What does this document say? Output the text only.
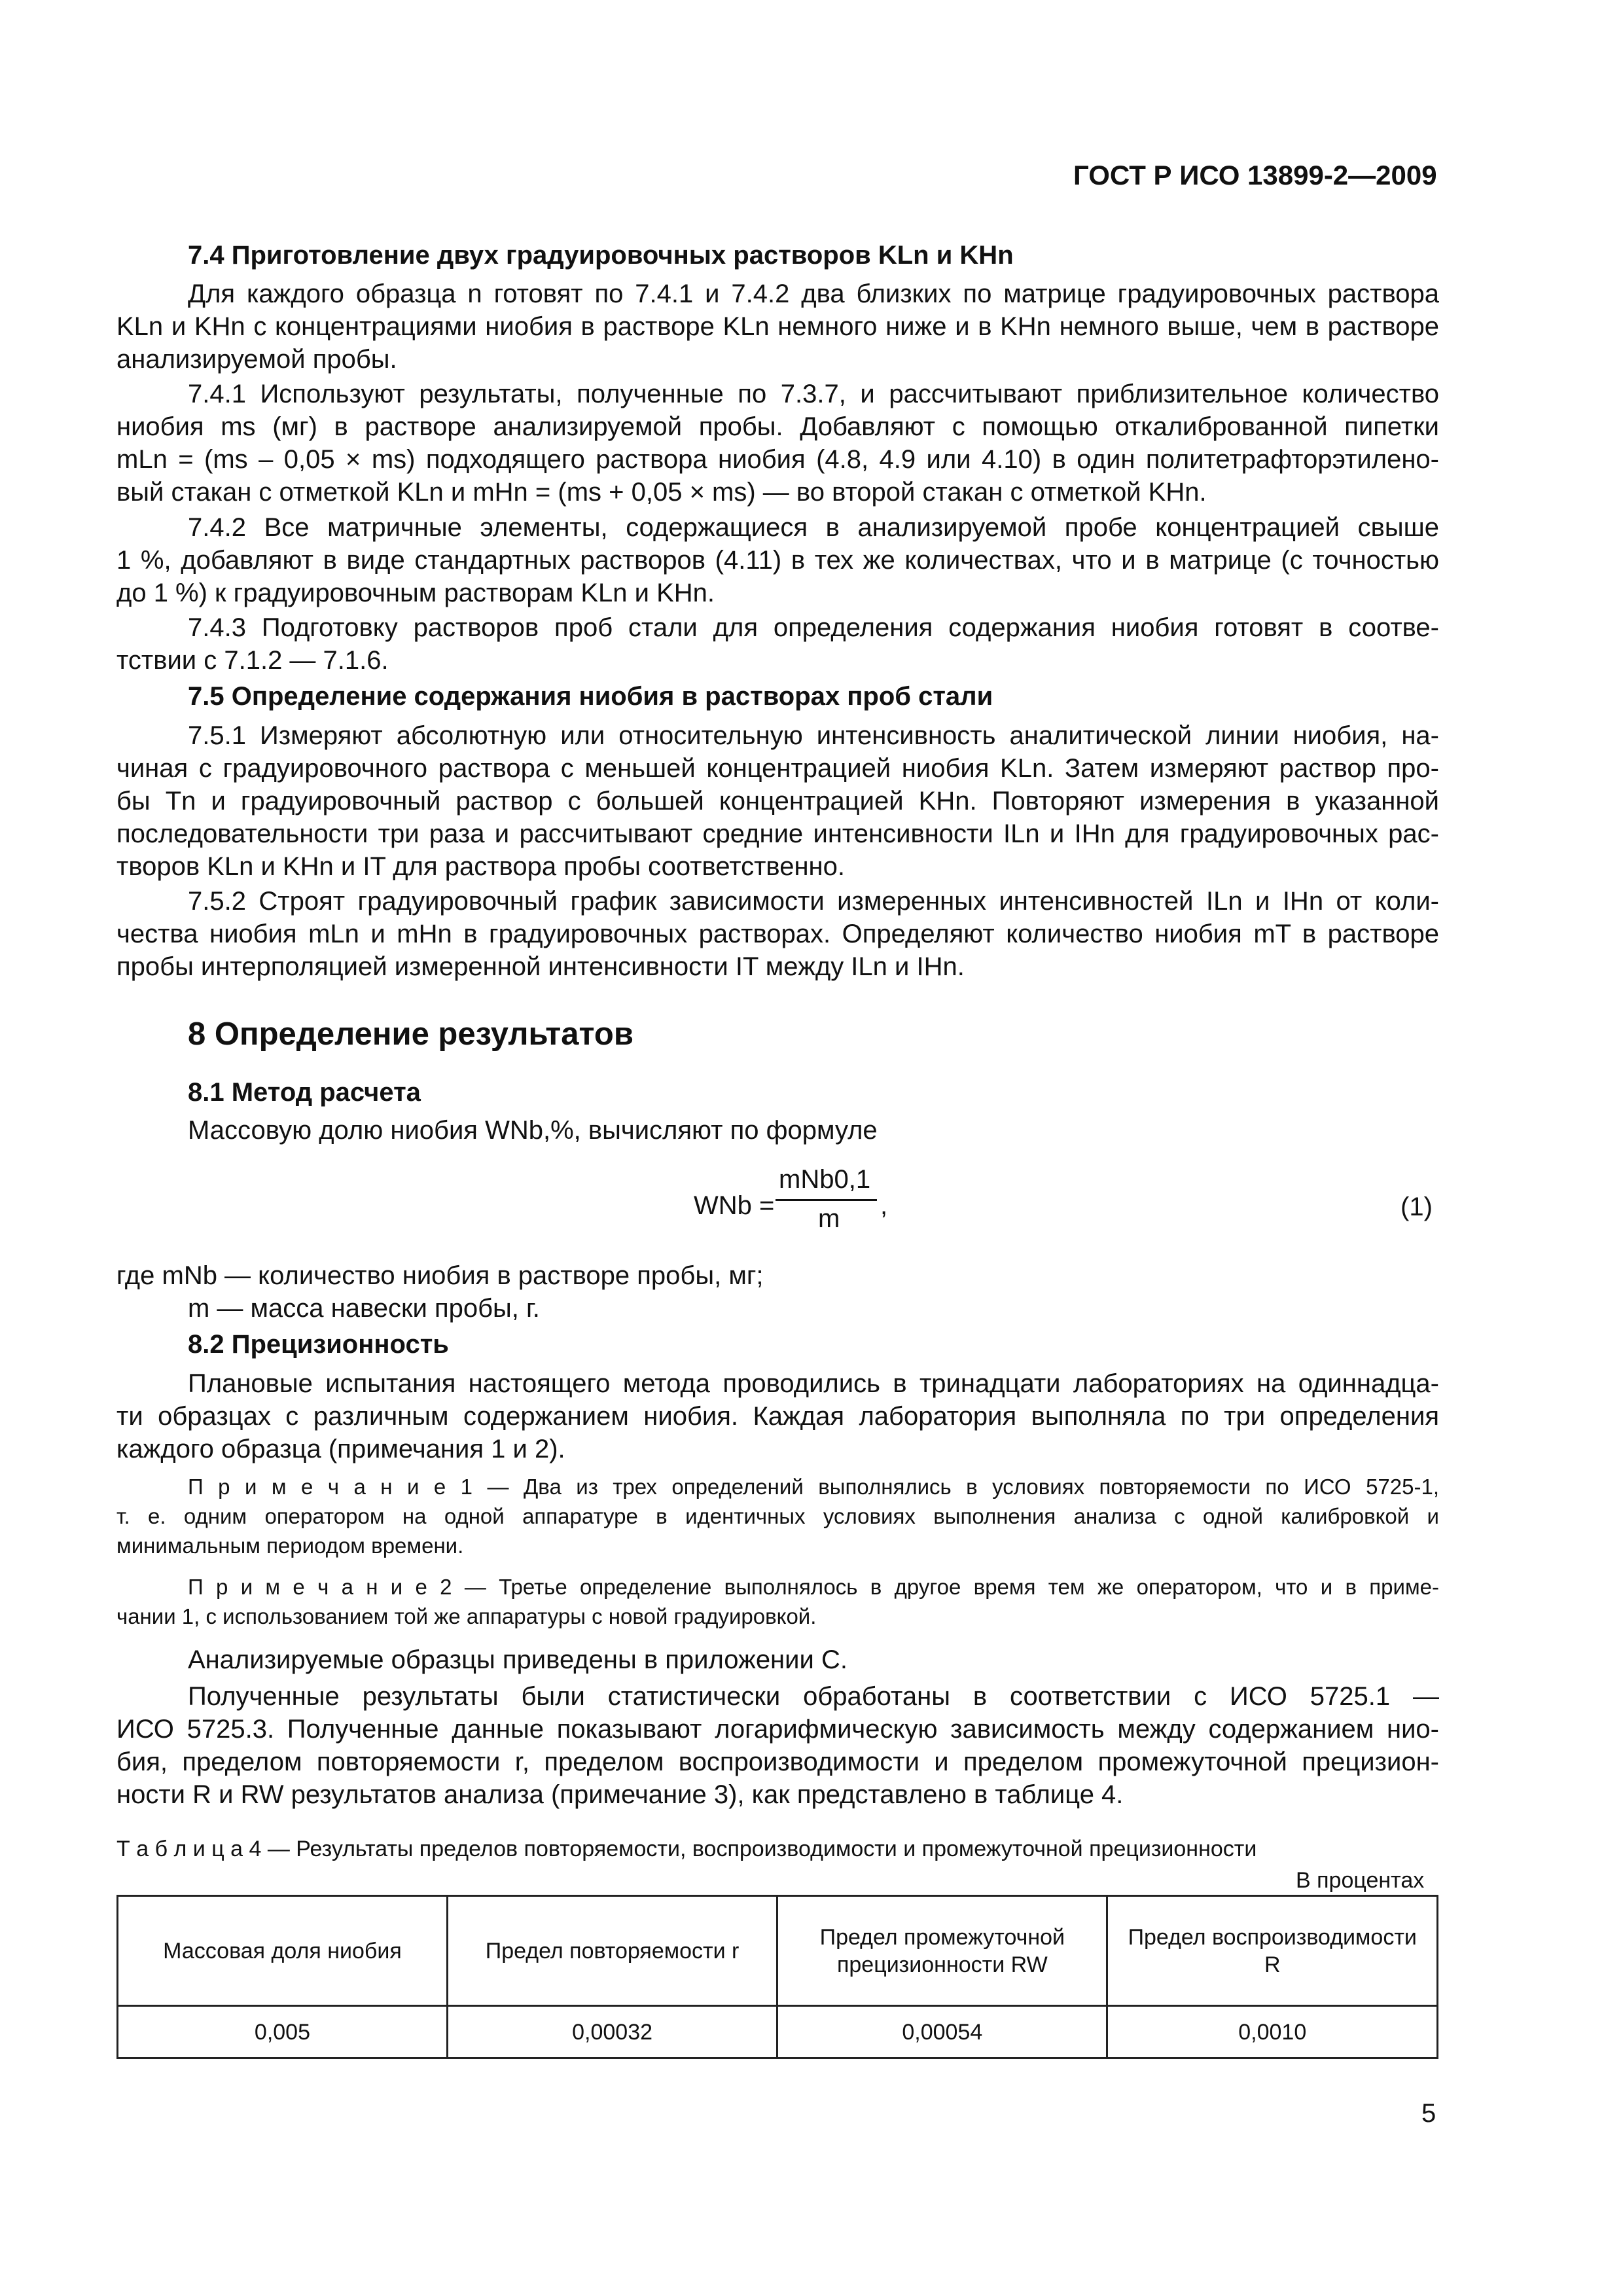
ГОСТ Р ИСО 13899-2—2009
7.4 Приготовление двух градуировочных растворов KLn и KHn
Для каждого образца n готовят по 7.4.1 и 7.4.2 два близких по матрице градуировочных раствора
KLn и KHn с концентрациями ниобия в растворе KLn немного ниже и в KHn немного выше, чем в растворе
анализируемой пробы.
7.4.1 Используют результаты, полученные по 7.3.7, и рассчитывают приблизительное количество
ниобия ms (мг) в растворе анализируемой пробы. Добавляют с помощью откалиброванной пипетки
mLn = (ms – 0,05 × ms) подходящего раствора ниобия (4.8, 4.9 или 4.10) в один политетрафторэтилено-
вый стакан с отметкой KLn и mHn = (ms + 0,05 × ms) — во второй стакан с отметкой KHn.
7.4.2 Все матричные элементы, содержащиеся в анализируемой пробе концентрацией свыше
1 %, добавляют в виде стандартных растворов (4.11) в тех же количествах, что и в матрице (с точностью
до 1 %) к градуировочным растворам KLn и KHn.
7.4.3 Подготовку растворов проб стали для определения содержания ниобия готовят в соотве-
тствии с 7.1.2 — 7.1.6.
7.5 Определение содержания ниобия в растворах проб стали
7.5.1 Измеряют абсолютную или относительную интенсивность аналитической линии ниобия, на-
чиная с градуировочного раствора с меньшей концентрацией ниобия KLn. Затем измеряют раствор про-
бы Tn и градуировочный раствор с большей концентрацией KHn. Повторяют измерения в указанной
последовательности три раза и рассчитывают средние интенсивности ILn и IHn для градуировочных рас-
творов KLn и KHn и IT для раствора пробы соответственно.
7.5.2 Строят градуировочный график зависимости измеренных интенсивностей ILn и IHn от коли-
чества ниобия mLn и mHn в градуировочных растворах. Определяют количество ниобия mT в растворе
пробы интерполяцией измеренной интенсивности IT между ILn и IHn.
8 Определение результатов
8.1 Метод расчета
Массовую долю ниобия WNb,%, вычисляют по формуле
WNb =
mNb0,1
m ,	(1)
где mNb — количество ниобия в растворе пробы, мг;
m — масса навески пробы, г.
8.2 Прецизионность
Плановые испытания настоящего метода проводились в тринадцати лабораториях на одиннадца-
ти образцах с различным содержанием ниобия. Каждая лаборатория выполняла по три определения
каждого образца (примечания 1 и 2).
П р и м е ч а н и е 1 — Два из трех определений выполнялись в условиях повторяемости по ИСО 5725-1,
т. е. одним оператором на одной аппаратуре в идентичных условиях выполнения анализа с одной калибровкой и
минимальным периодом времени.
П р и м е ч а н и е 2 — Третье определение выполнялось в другое время тем же оператором, что и в приме-
чании 1, с использованием той же аппаратуры с новой градуировкой.
Анализируемые образцы приведены в приложении С.
Полученные результаты были статистически обработаны в соответствии с ИСО 5725.1 —
ИСО 5725.3. Полученные данные показывают логарифмическую зависимость между содержанием нио-
бия, пределом повторяемости r, пределом воспроизводимости и пределом промежуточной прецизион-
ности R и RW результатов анализа (примечание 3), как представлено в таблице 4.
Т а б л и ц а 4 — Результаты пределов повторяемости, воспроизводимости и промежуточной прецизионности
В процентах
Массовая доля ниобия	Предел повторяемости r	Предел промежуточной прецизионности RW	Предел воспроизводимости R
0,005	0,00032	0,00054	0,0010
5
